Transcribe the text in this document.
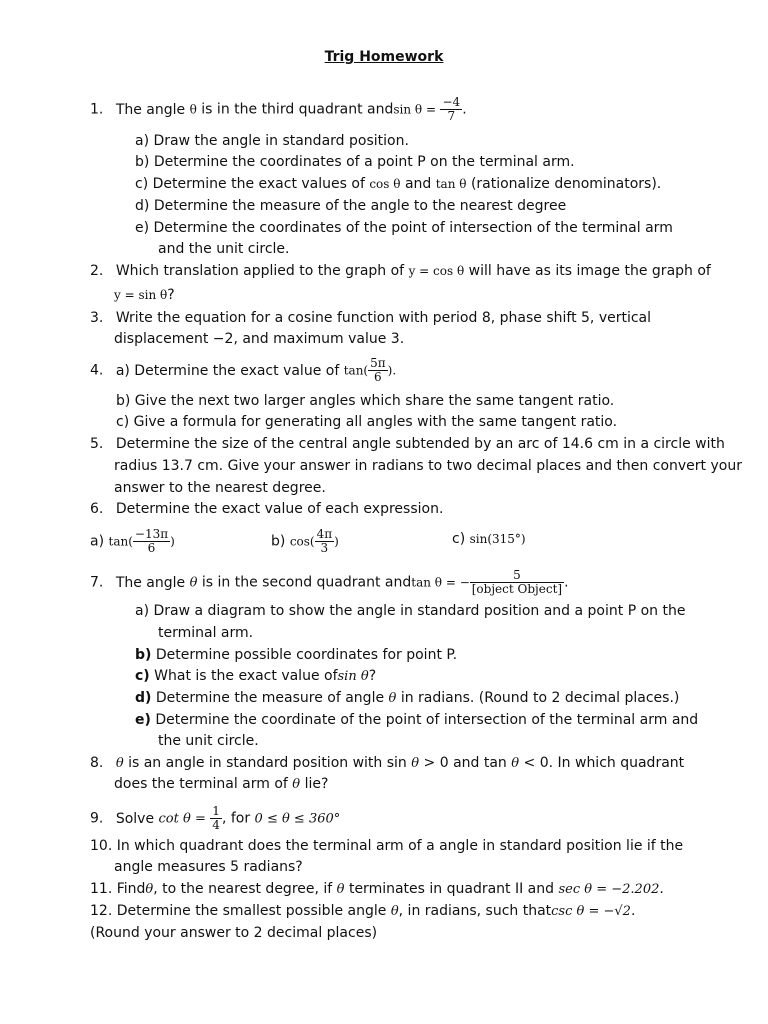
Trig Homework
1. The angle θ is in the third quadrant andsin $\theta = \frac{-4}{7}$ .
a) Draw the angle in standard position.
b) Determine the coordinates of a point P on the terminal arm.
c) Determine the exact values of cos θ and tan θ (rationalize denominators).
d) Determine the measure of the angle to the nearest degree
e) Determine the coordinates of the point of intersection of the terminal arm
and the unit circle.
2. Which translation applied to the graph of y = cos θ will have as its image the graph of
y = sin θ?
3. Write the equation for a cosine function with period 8, phase shift 5, vertical
displacement −2, and maximum value 3.
4. a) Determine the exact value of $\tan( \frac{5\pi}{6}$ ).
b) Give the next two larger angles which share the same tangent ratio.
c) Give a formula for generating all angles with the same tangent ratio.
5. Determine the size of the central angle subtended by an arc of 14.6 cm in a circle with
radius 13.7 cm. Give your answer in radians to two decimal places and then convert your
answer to the nearest degree.
6. Determine the exact value of each expression.
a) $\tan( \frac{-13\pi}{6}$ )	b) $\cos( \frac{4\pi}{3}$ )	c) sin(315°)
7. The angle θ is in the second quadrant andtan θ = − $\frac{5}{\text{[object Object]}}$ .
a) Draw a diagram to show the angle in standard position and a point P on the
terminal arm.
b) Determine possible coordinates for point P.
c) What is the exact value ofsin θ?
d) Determine the measure of angle θ in radians. (Round to 2 decimal places.)
e) Determine the coordinate of the point of intersection of the terminal arm and
the unit circle.
8. θ is an angle in standard position with sin θ > 0 and tan θ < 0. In which quadrant
does the terminal arm of θ lie?
9. Solve $\cot \theta = \frac{1}{4}$ , for 0 ≤ θ ≤ 360°
10. In which quadrant does the terminal arm of a angle in standard position lie if the
angle measures 5 radians?
11. Findθ, to the nearest degree, if θ terminates in quadrant II and sec θ = −2.202.
12. Determine the smallest possible angle θ, in radians, such thatcsc θ = −√2.
(Round your answer to 2 decimal places)
